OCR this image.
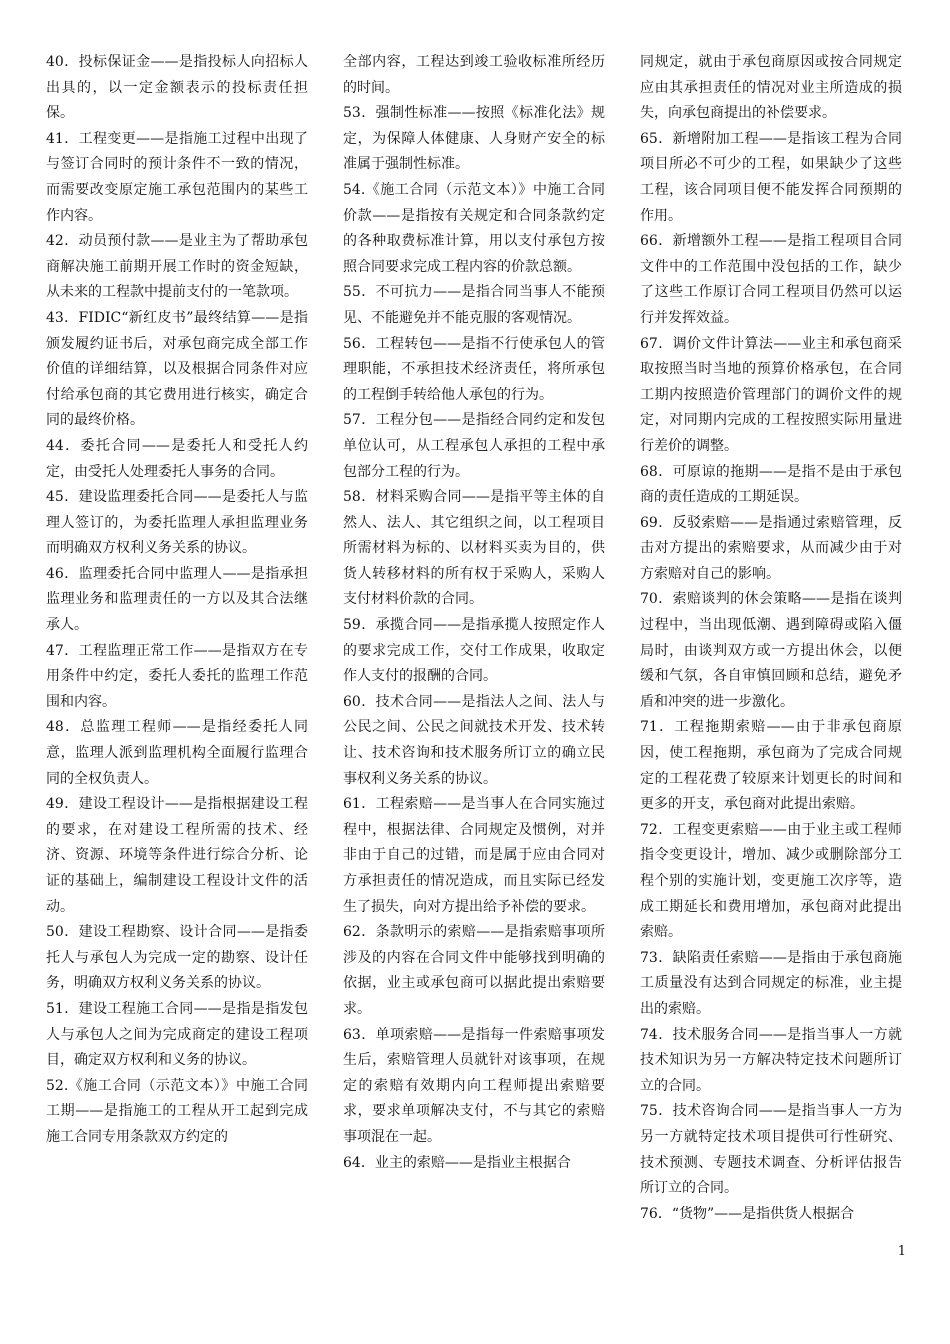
40．投标保证金——是指投标人向招标人出具的，以一定金额表示的投标责任担保。

41．工程变更——是指施工过程中出现了与签订合同时的预计条件不一致的情况，而需要改变原定施工承包范围内的某些工作内容。

42．动员预付款——是业主为了帮助承包商解决施工前期开展工作时的资金短缺，从未来的工程款中提前支付的一笔款项。

43．FIDIC“新红皮书”最终结算——是指颁发履约证书后，对承包商完成全部工作价值的详细结算，以及根据合同条件对应付给承包商的其它费用进行核实，确定合同的最终价格。

44．委托合同——是委托人和受托人约定，由受托人处理委托人事务的合同。

45．建设监理委托合同——是委托人与监理人签订的，为委托监理人承担监理业务而明确双方权利义务关系的协议。

46．监理委托合同中监理人——是指承担监理业务和监理责任的一方以及其合法继承人。

47．工程监理正常工作——是指双方在专用条件中约定，委托人委托的监理工作范围和内容。

48．总监理工程师——是指经委托人同意，监理人派到监理机构全面履行监理合同的全权负责人。

49．建设工程设计——是指根据建设工程的要求，在对建设工程所需的技术、经济、资源、环境等条件进行综合分析、论证的基础上，编制建设工程设计文件的活动。

50．建设工程勘察、设计合同——是指委托人与承包人为完成一定的勘察、设计任务，明确双方权利义务关系的协议。

51．建设工程施工合同——是指是指发包人与承包人之间为完成商定的建设工程项目，确定双方权利和义务的协议。

52.《施工合同（示范文本）》中施工合同工期——是指施工的工程从开工起到完成施工合同专用条款双方约定的

全部内容，工程达到竣工验收标准所经历的时间。

53．强制性标准——按照《标准化法》规定，为保障人体健康、人身财产安全的标准属于强制性标准。

54.《施工合同（示范文本）》中施工合同价款——是指按有关规定和合同条款约定的各种取费标准计算，用以支付承包方按照合同要求完成工程内容的价款总额。

55．不可抗力——是指合同当事人不能预见、不能避免并不能克服的客观情况。

56．工程转包——是指不行使承包人的管理职能，不承担技术经济责任，将所承包的工程倒手转给他人承包的行为。

57．工程分包——是指经合同约定和发包单位认可，从工程承包人承担的工程中承包部分工程的行为。

58．材料采购合同——是指平等主体的自然人、法人、其它组织之间，以工程项目所需材料为标的、以材料买卖为目的，供货人转移材料的所有权于采购人，采购人支付材料价款的合同。

59．承揽合同——是指承揽人按照定作人的要求完成工作，交付工作成果，收取定作人支付的报酬的合同。

60．技术合同——是指法人之间、法人与公民之间、公民之间就技术开发、技术转让、技术咨询和技术服务所订立的确立民事权利义务关系的协议。

61．工程索赔——是当事人在合同实施过程中，根据法律、合同规定及惯例，对并非由于自己的过错，而是属于应由合同对方承担责任的情况造成，而且实际已经发生了损失，向对方提出给予补偿的要求。

62．条款明示的索赔——是指索赔事项所涉及的内容在合同文件中能够找到明确的依据，业主或承包商可以据此提出索赔要求。

63．单项索赔——是指每一件索赔事项发生后，索赔管理人员就针对该事项，在规定的索赔有效期内向工程师提出索赔要求，要求单项解决支付，不与其它的索赔事项混在一起。

64．业主的索赔——是指业主根据合

同规定，就由于承包商原因或按合同规定应由其承担责任的情况对业主所造成的损失，向承包商提出的补偿要求。

65．新增附加工程——是指该工程为合同项目所必不可少的工程，如果缺少了这些工程，该合同项目便不能发挥合同预期的作用。

66．新增额外工程——是指工程项目合同文件中的工作范围中没包括的工作，缺少了这些工作原订合同工程项目仍然可以运行并发挥效益。

67．调价文件计算法——业主和承包商采取按照当时当地的预算价格承包，在合同工期内按照造价管理部门的调价文件的规定，对同期内完成的工程按照实际用量进行差价的调整。

68．可原谅的拖期——是指不是由于承包商的责任造成的工期延误。

69．反驳索赔——是指通过索赔管理，反击对方提出的索赔要求，从而减少由于对方索赔对自己的影响。

70．索赔谈判的休会策略——是指在谈判过程中，当出现低潮、遇到障碍或陷入僵局时，由谈判双方或一方提出休会，以便缓和气氛，各自审慎回顾和总结，避免矛盾和冲突的进一步激化。

71．工程拖期索赔——由于非承包商原因，使工程拖期，承包商为了完成合同规定的工程花费了较原来计划更长的时间和更多的开支，承包商对此提出索赔。

72．工程变更索赔——由于业主或工程师指令变更设计，增加、减少或删除部分工程个别的实施计划，变更施工次序等，造成工期延长和费用增加，承包商对此提出索赔。

73．缺陷责任索赔——是指由于承包商施工质量没有达到合同规定的标准，业主提出的索赔。

74．技术服务合同——是指当事人一方就技术知识为另一方解决特定技术问题所订立的合同。

75．技术咨询合同——是指当事人一方为另一方就特定技术项目提供可行性研究、技术预测、专题技术调查、分析评估报告所订立的合同。

76．“货物”——是指供货人根据合

1
